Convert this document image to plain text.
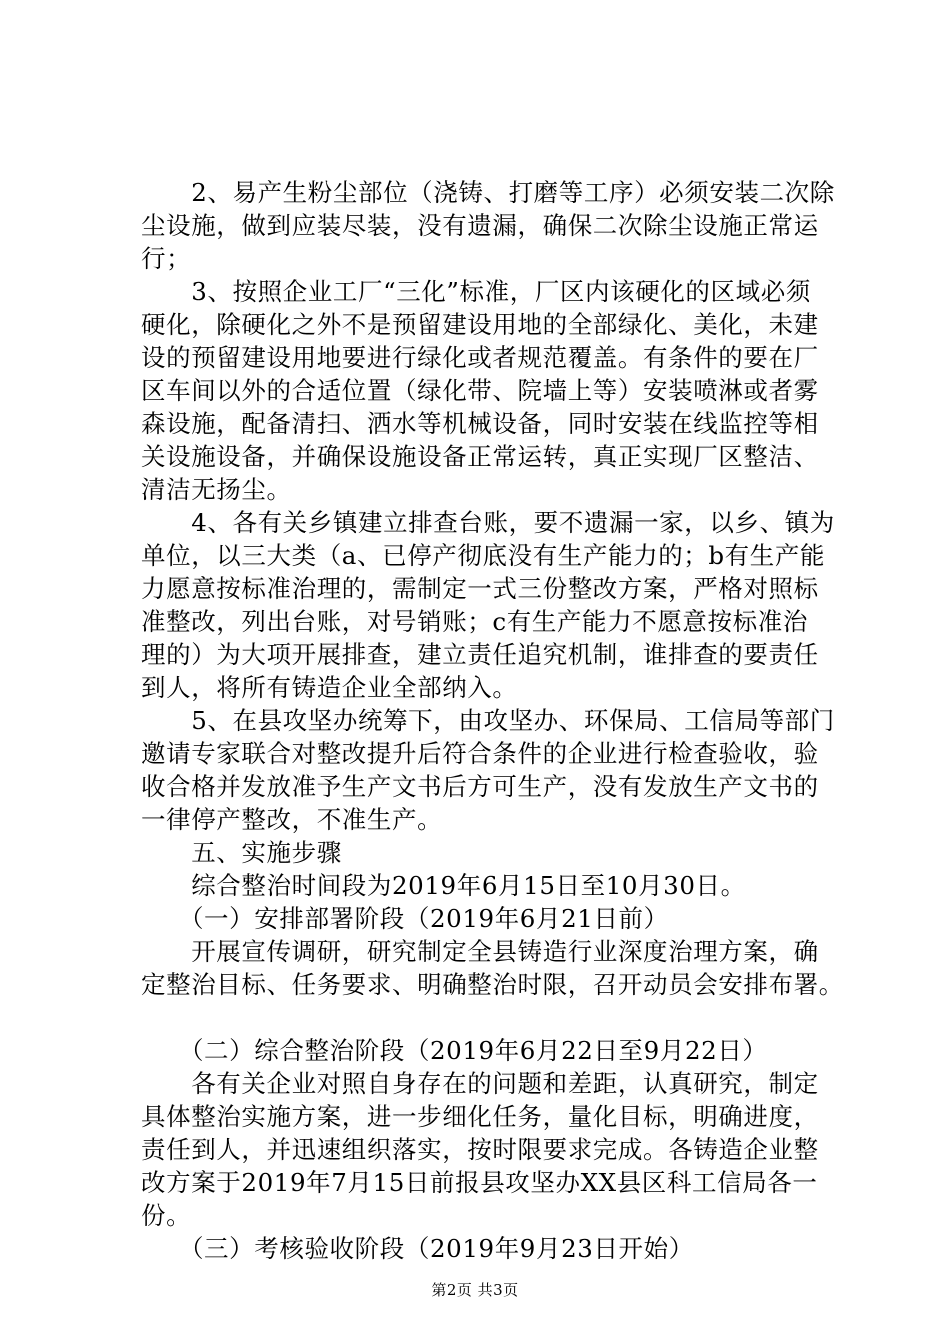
　　2、易产生粉尘部位（浇铸、打磨等工序）必须安装二次除
尘设施，做到应装尽装，没有遗漏，确保二次除尘设施正常运
行；
　　3、按照企业工厂“三化”标准，厂区内该硬化的区域必须
硬化，除硬化之外不是预留建设用地的全部绿化、美化，未建
设的预留建设用地要进行绿化或者规范覆盖。有条件的要在厂
区车间以外的合适位置（绿化带、院墙上等）安装喷淋或者雾
森设施，配备清扫、洒水等机械设备，同时安装在线监控等相
关设施设备，并确保设施设备正常运转，真正实现厂区整洁、
清洁无扬尘。
　　4、各有关乡镇建立排查台账，要不遗漏一家，以乡、镇为
单位，以三大类（a、已停产彻底没有生产能力的；b有生产能
力愿意按标准治理的，需制定一式三份整改方案，严格对照标
准整改，列出台账，对号销账；c有生产能力不愿意按标准治
理的）为大项开展排查，建立责任追究机制，谁排查的要责任
到人，将所有铸造企业全部纳入。
　　5、在县攻坚办统筹下，由攻坚办、环保局、工信局等部门
邀请专家联合对整改提升后符合条件的企业进行检查验收，验
收合格并发放准予生产文书后方可生产，没有发放生产文书的
一律停产整改，不准生产。
　　五、实施步骤
　　综合整治时间段为2019年6月15日至10月30日。
　　（一）安排部署阶段（2019年6月21日前）
　　开展宣传调研，研究制定全县铸造行业深度治理方案，确
定整治目标、任务要求、明确整治时限，召开动员会安排布署。
　　（二）综合整治阶段（2019年6月22日至9月22日）
　　各有关企业对照自身存在的问题和差距，认真研究，制定
具体整治实施方案，进一步细化任务，量化目标，明确进度，
责任到人，并迅速组织落实，按时限要求完成。各铸造企业整
改方案于2019年7月15日前报县攻坚办XX县区科工信局各一
份。
　　（三）考核验收阶段（2019年9月23日开始）
第2页 共3页
